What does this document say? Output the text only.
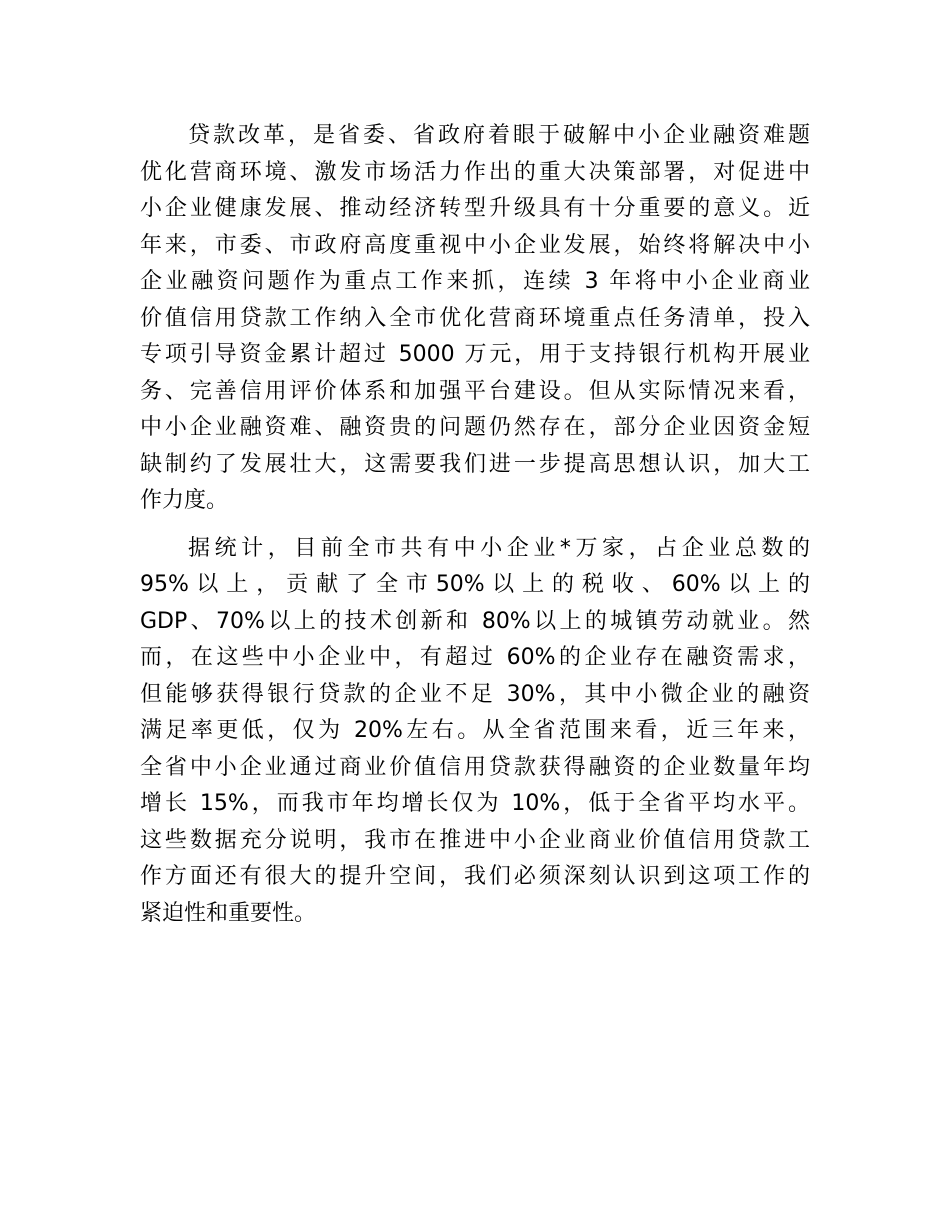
贷款改革，是省委、省政府着眼于破解中小企业融资难题
优化营商环境、激发市场活力作出的重大决策部署，对促进中
小企业健康发展、推动经济转型升级具有十分重要的意义。近
年来，市委、市政府高度重视中小企业发展，始终将解决中小
企业融资问题作为重点工作来抓，连续 3 年将中小企业商业
价值信用贷款工作纳入全市优化营商环境重点任务清单，投入
专项引导资金累计超过 5000 万元，用于支持银行机构开展业
务、完善信用评价体系和加强平台建设。但从实际情况来看，
中小企业融资难、融资贵的问题仍然存在，部分企业因资金短
缺制约了发展壮大，这需要我们进一步提高思想认识，加大工
作力度。
据统计，目前全市共有中小企业*万家，占企业总数的
95% 以 上 ， 贡 献 了 全 市 50% 以 上 的 税 收 、 60% 以 上 的
GDP、70%以上的技术创新和 80%以上的城镇劳动就业。然
而，在这些中小企业中，有超过 60%的企业存在融资需求，
但能够获得银行贷款的企业不足 30%，其中小微企业的融资
满足率更低，仅为 20%左右。从全省范围来看，近三年来，
全省中小企业通过商业价值信用贷款获得融资的企业数量年均
增长 15%，而我市年均增长仅为 10%，低于全省平均水平。
这些数据充分说明，我市在推进中小企业商业价值信用贷款工
作方面还有很大的提升空间，我们必须深刻认识到这项工作的
紧迫性和重要性。
